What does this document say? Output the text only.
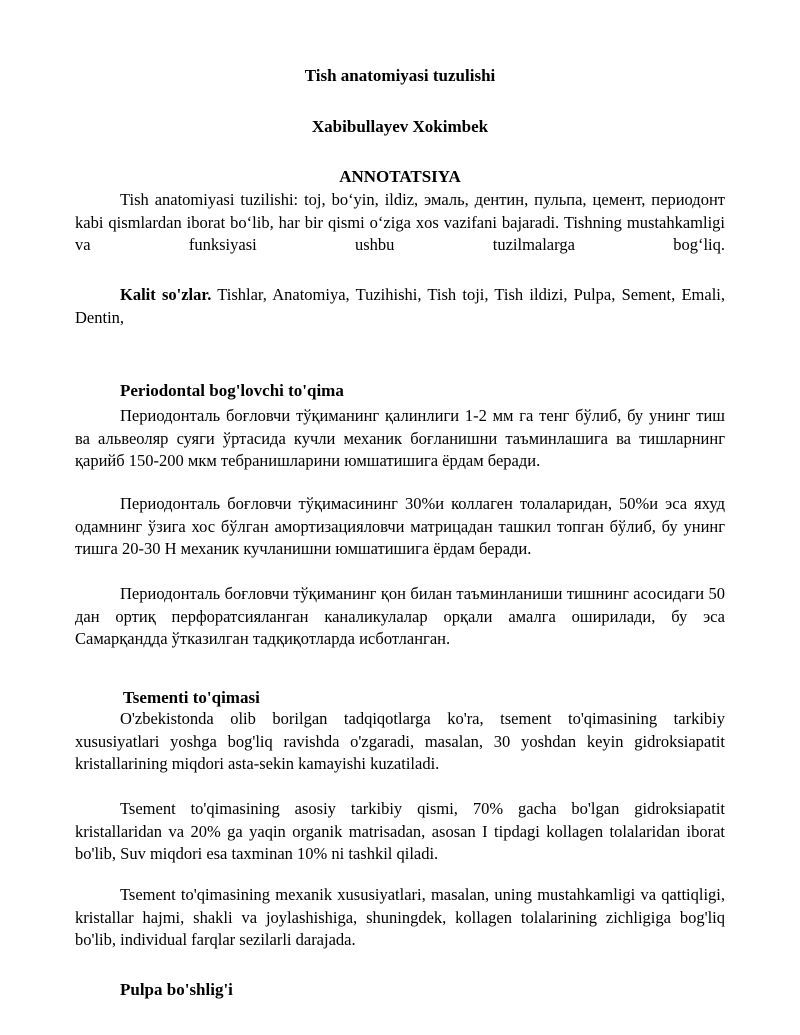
Tish anatomiyasi tuzulishi

Xabibullayev Xokimbek

ANNOTATSIYA

Tish anatomiyasi tuzilishi: toj, bo‘yin, ildiz, эмаль, дентин, пульпа, цемент, периодонт kabi qismlardan iborat bo‘lib, har bir qismi o‘ziga xos vazifani bajaradi. Tishning mustahkamligi va funksiyasi ushbu tuzilmalarga bog‘liq.

Kalit so'zlar. Tishlar, Anatomiya, Tuzihishi, Tish toji, Tish ildizi, Pulpa, Sement, Emali, Dentin,

Periodontal bog'lovchi to'qima

Периодонталь боғловчи тўқиманинг қалинлиги 1-2 мм га тенг бўлиб, бу унинг тиш ва альвеоляр суяги ўртасида кучли механик боғланишни таъминлашига ва тишларнинг қарийб 150-200 мкм тебранишларини юмшатишига ёрдам беради.

Периодонталь боғловчи тўқимасининг 30%и коллаген толаларидан, 50%и эса яхуд одамнинг ўзига хос бўлган амортизацияловчи матрицадан ташкил топган бўлиб, бу унинг тишга 20-30 Н механик кучланишни юмшатишига ёрдам беради.

Периодонталь боғловчи тўқиманинг қон билан таъминланиши тишнинг асосидаги 50 дан ортиқ перфоратсияланган каналикулалар орқали амалга оширилади, бу эса Самарқандда ўтказилган тадқиқотларда исботланган.

Tsementi to'qimasi

O'zbekistonda olib borilgan tadqiqotlarga ko'ra, tsement to'qimasining tarkibiy xususiyatlari yoshga bog'liq ravishda o'zgaradi, masalan, 30 yoshdan keyin gidroksiapatit kristallarining miqdori asta-sekin kamayishi kuzatiladi.

Tsement to'qimasining asosiy tarkibiy qismi, 70% gacha bo'lgan gidroksiapatit kristallaridan va 20% ga yaqin organik matrisadan, asosan I tipdagi kollagen tolalaridan iborat bo'lib, Suv miqdori esa taxminan 10% ni tashkil qiladi.

Tsement to'qimasining mexanik xususiyatlari, masalan, uning mustahkamligi va qattiqligi, kristallar hajmi, shakli va joylashishiga, shuningdek, kollagen tolalarining zichligiga bog'liq bo'lib, individual farqlar sezilarli darajada.

Pulpa bo'shlig'i
